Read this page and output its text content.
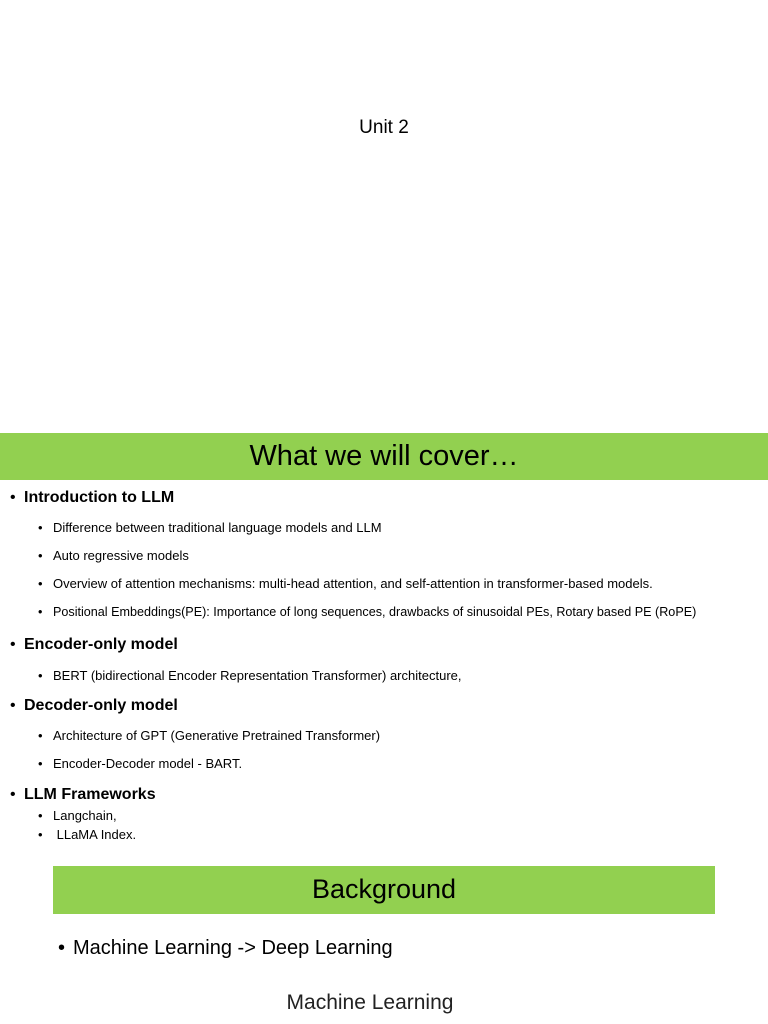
Unit 2
What we will cover…
• Introduction to LLM
• Difference between traditional language models and LLM
• Auto regressive models
• Overview of attention mechanisms: multi-head attention, and self-attention in transformer-based models.
• Positional Embeddings(PE): Importance of long sequences, drawbacks of sinusoidal PEs, Rotary based PE (RoPE)
• Encoder-only model
• BERT (bidirectional Encoder Representation Transformer) architecture,
• Decoder-only model
• Architecture of GPT (Generative Pretrained Transformer)
• Encoder-Decoder model - BART.
• LLM Frameworks
• Langchain,
• LLaMA Index.
Background
• Machine Learning -> Deep Learning
Machine Learning
